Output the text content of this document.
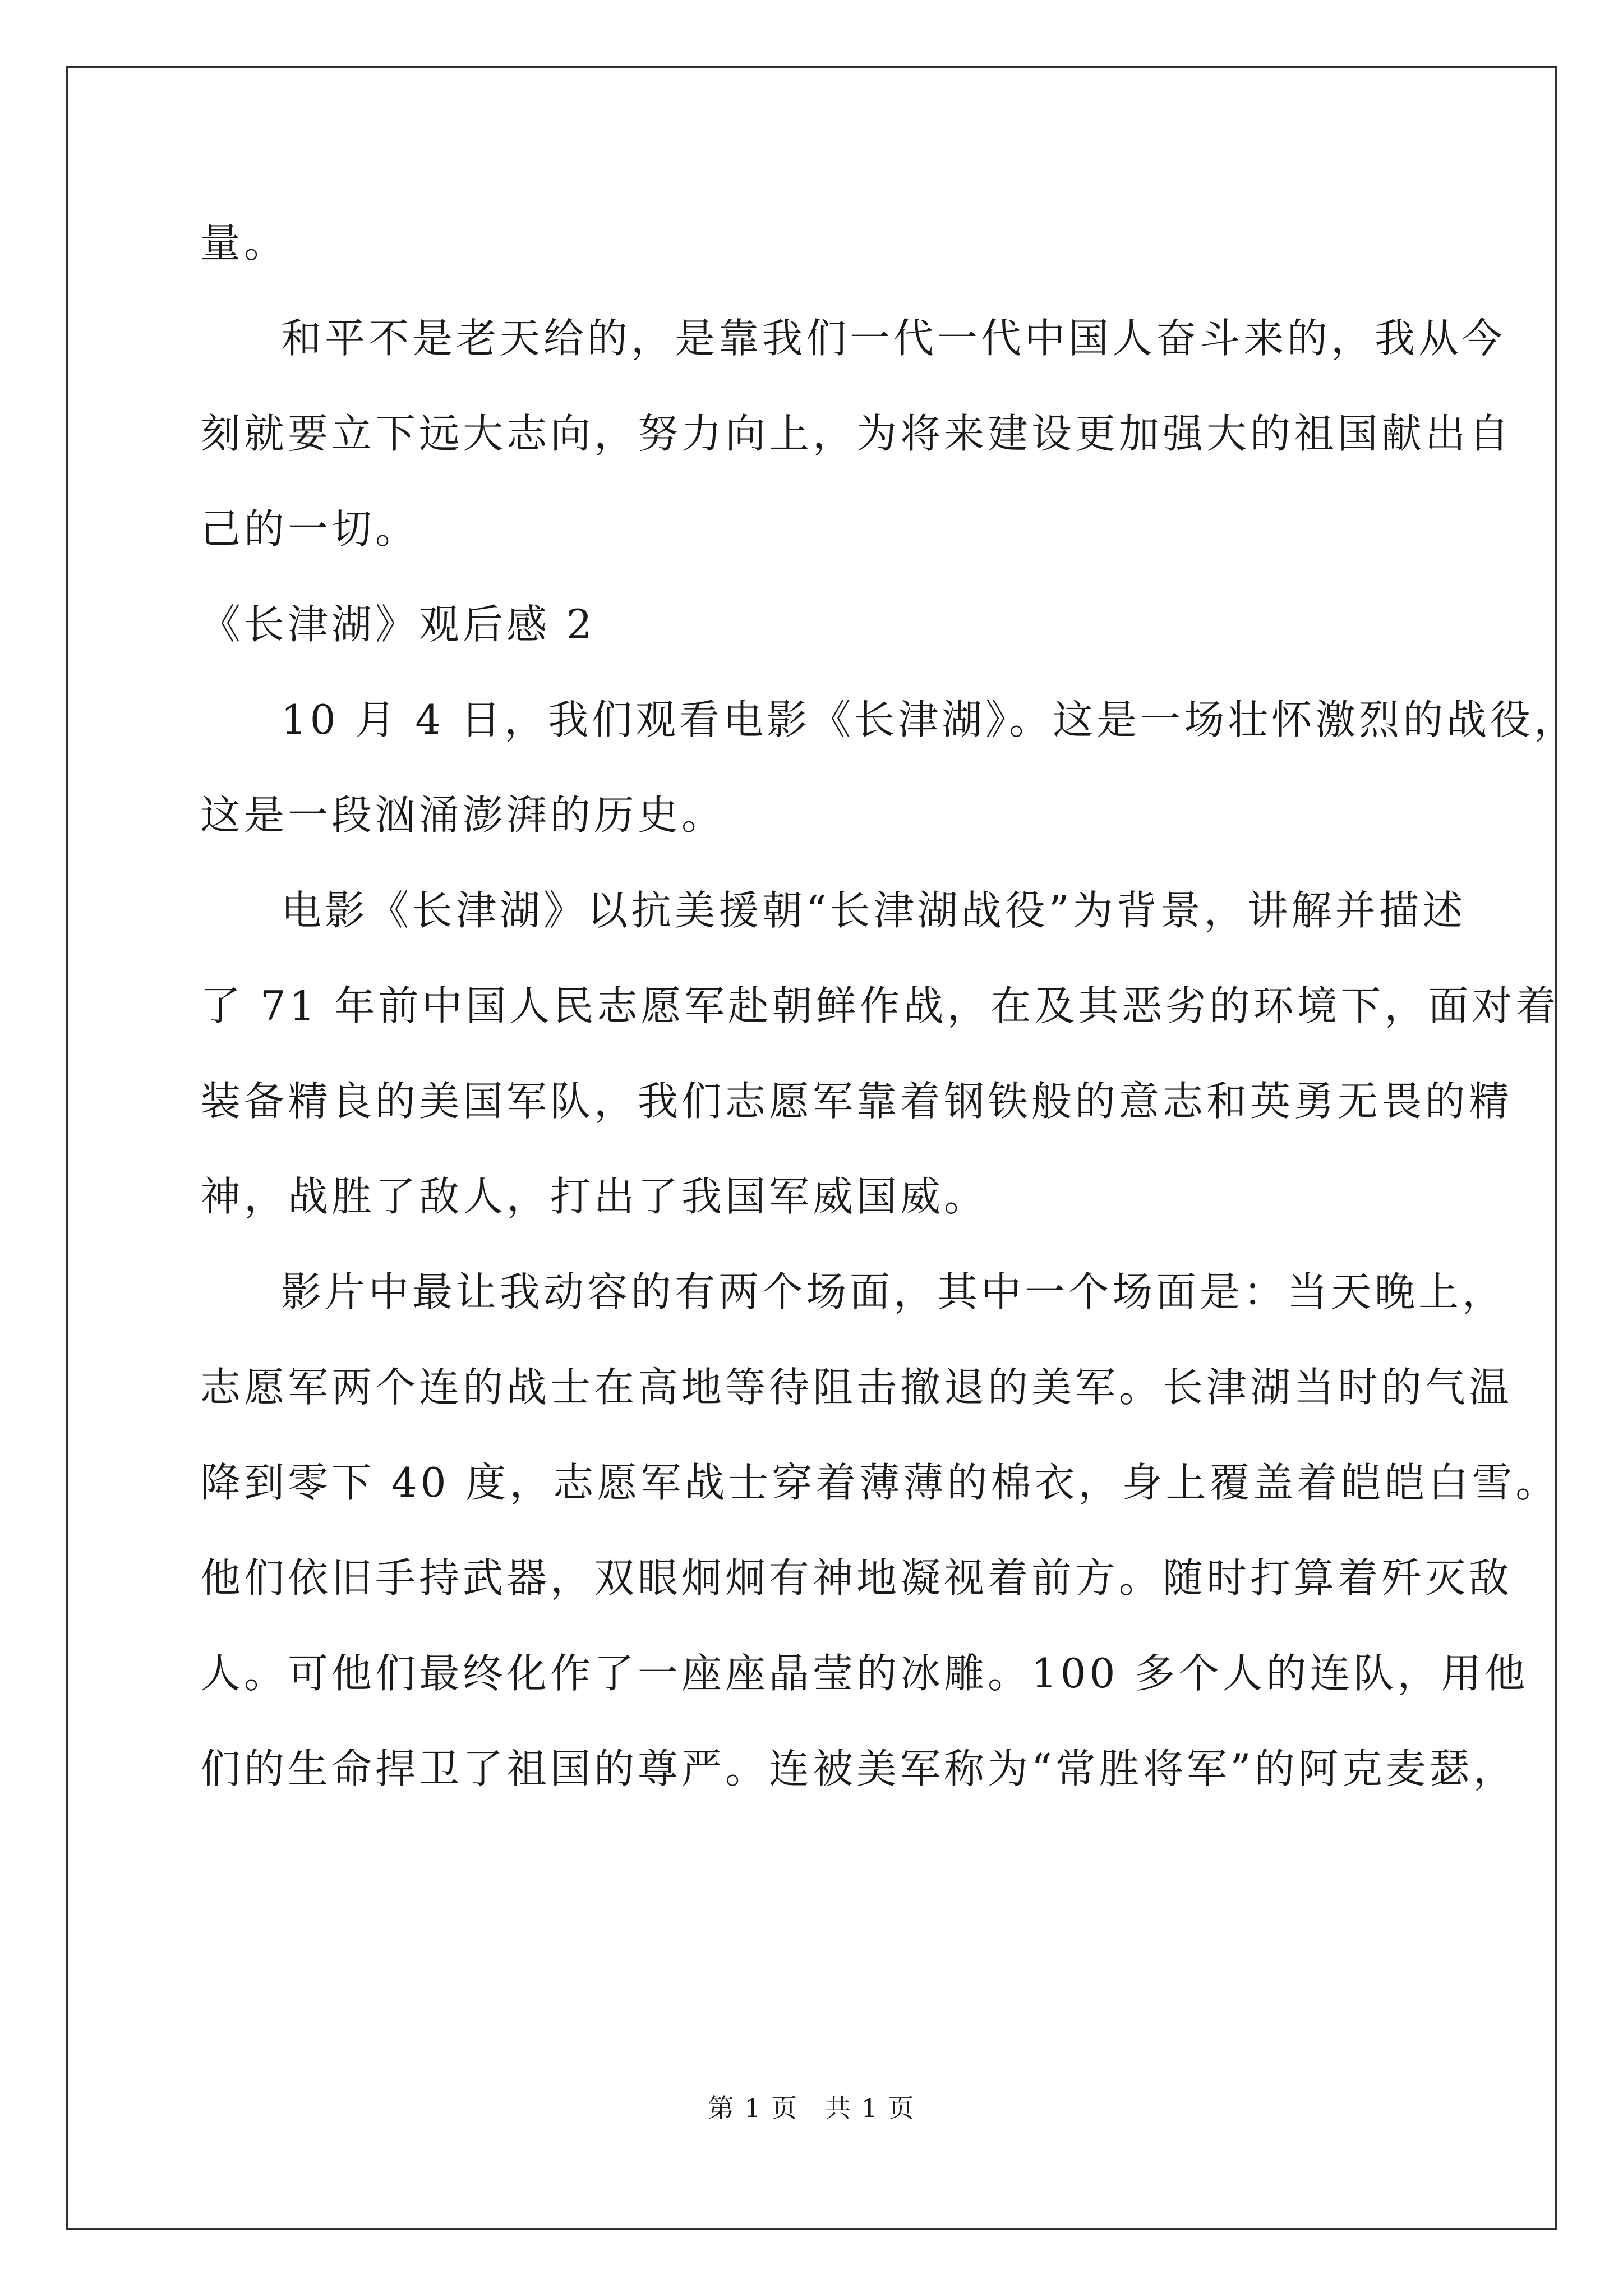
量。
和平不是老天给的，是靠我们一代一代中国人奋斗来的，我从今
刻就要立下远大志向，努力向上，为将来建设更加强大的祖国献出自
己的一切。
《长津湖》观后感 2
10 月 4 日，我们观看电影《长津湖》。这是一场壮怀激烈的战役，
这是一段汹涌澎湃的历史。
电影《长津湖》以抗美援朝“长津湖战役”为背景，讲解并描述
了 71 年前中国人民志愿军赴朝鲜作战，在及其恶劣的环境下，面对着
装备精良的美国军队，我们志愿军靠着钢铁般的意志和英勇无畏的精
神，战胜了敌人，打出了我国军威国威。
影片中最让我动容的有两个场面，其中一个场面是：当天晚上，
志愿军两个连的战士在高地等待阻击撤退的美军。长津湖当时的气温
降到零下 40 度，志愿军战士穿着薄薄的棉衣，身上覆盖着皑皑白雪。
他们依旧手持武器，双眼炯炯有神地凝视着前方。随时打算着歼灭敌
人。可他们最终化作了一座座晶莹的冰雕。100 多个人的连队，用他
们的生命捍卫了祖国的尊严。连被美军称为“常胜将军”的阿克麦瑟，
第 1 页　共 1 页
